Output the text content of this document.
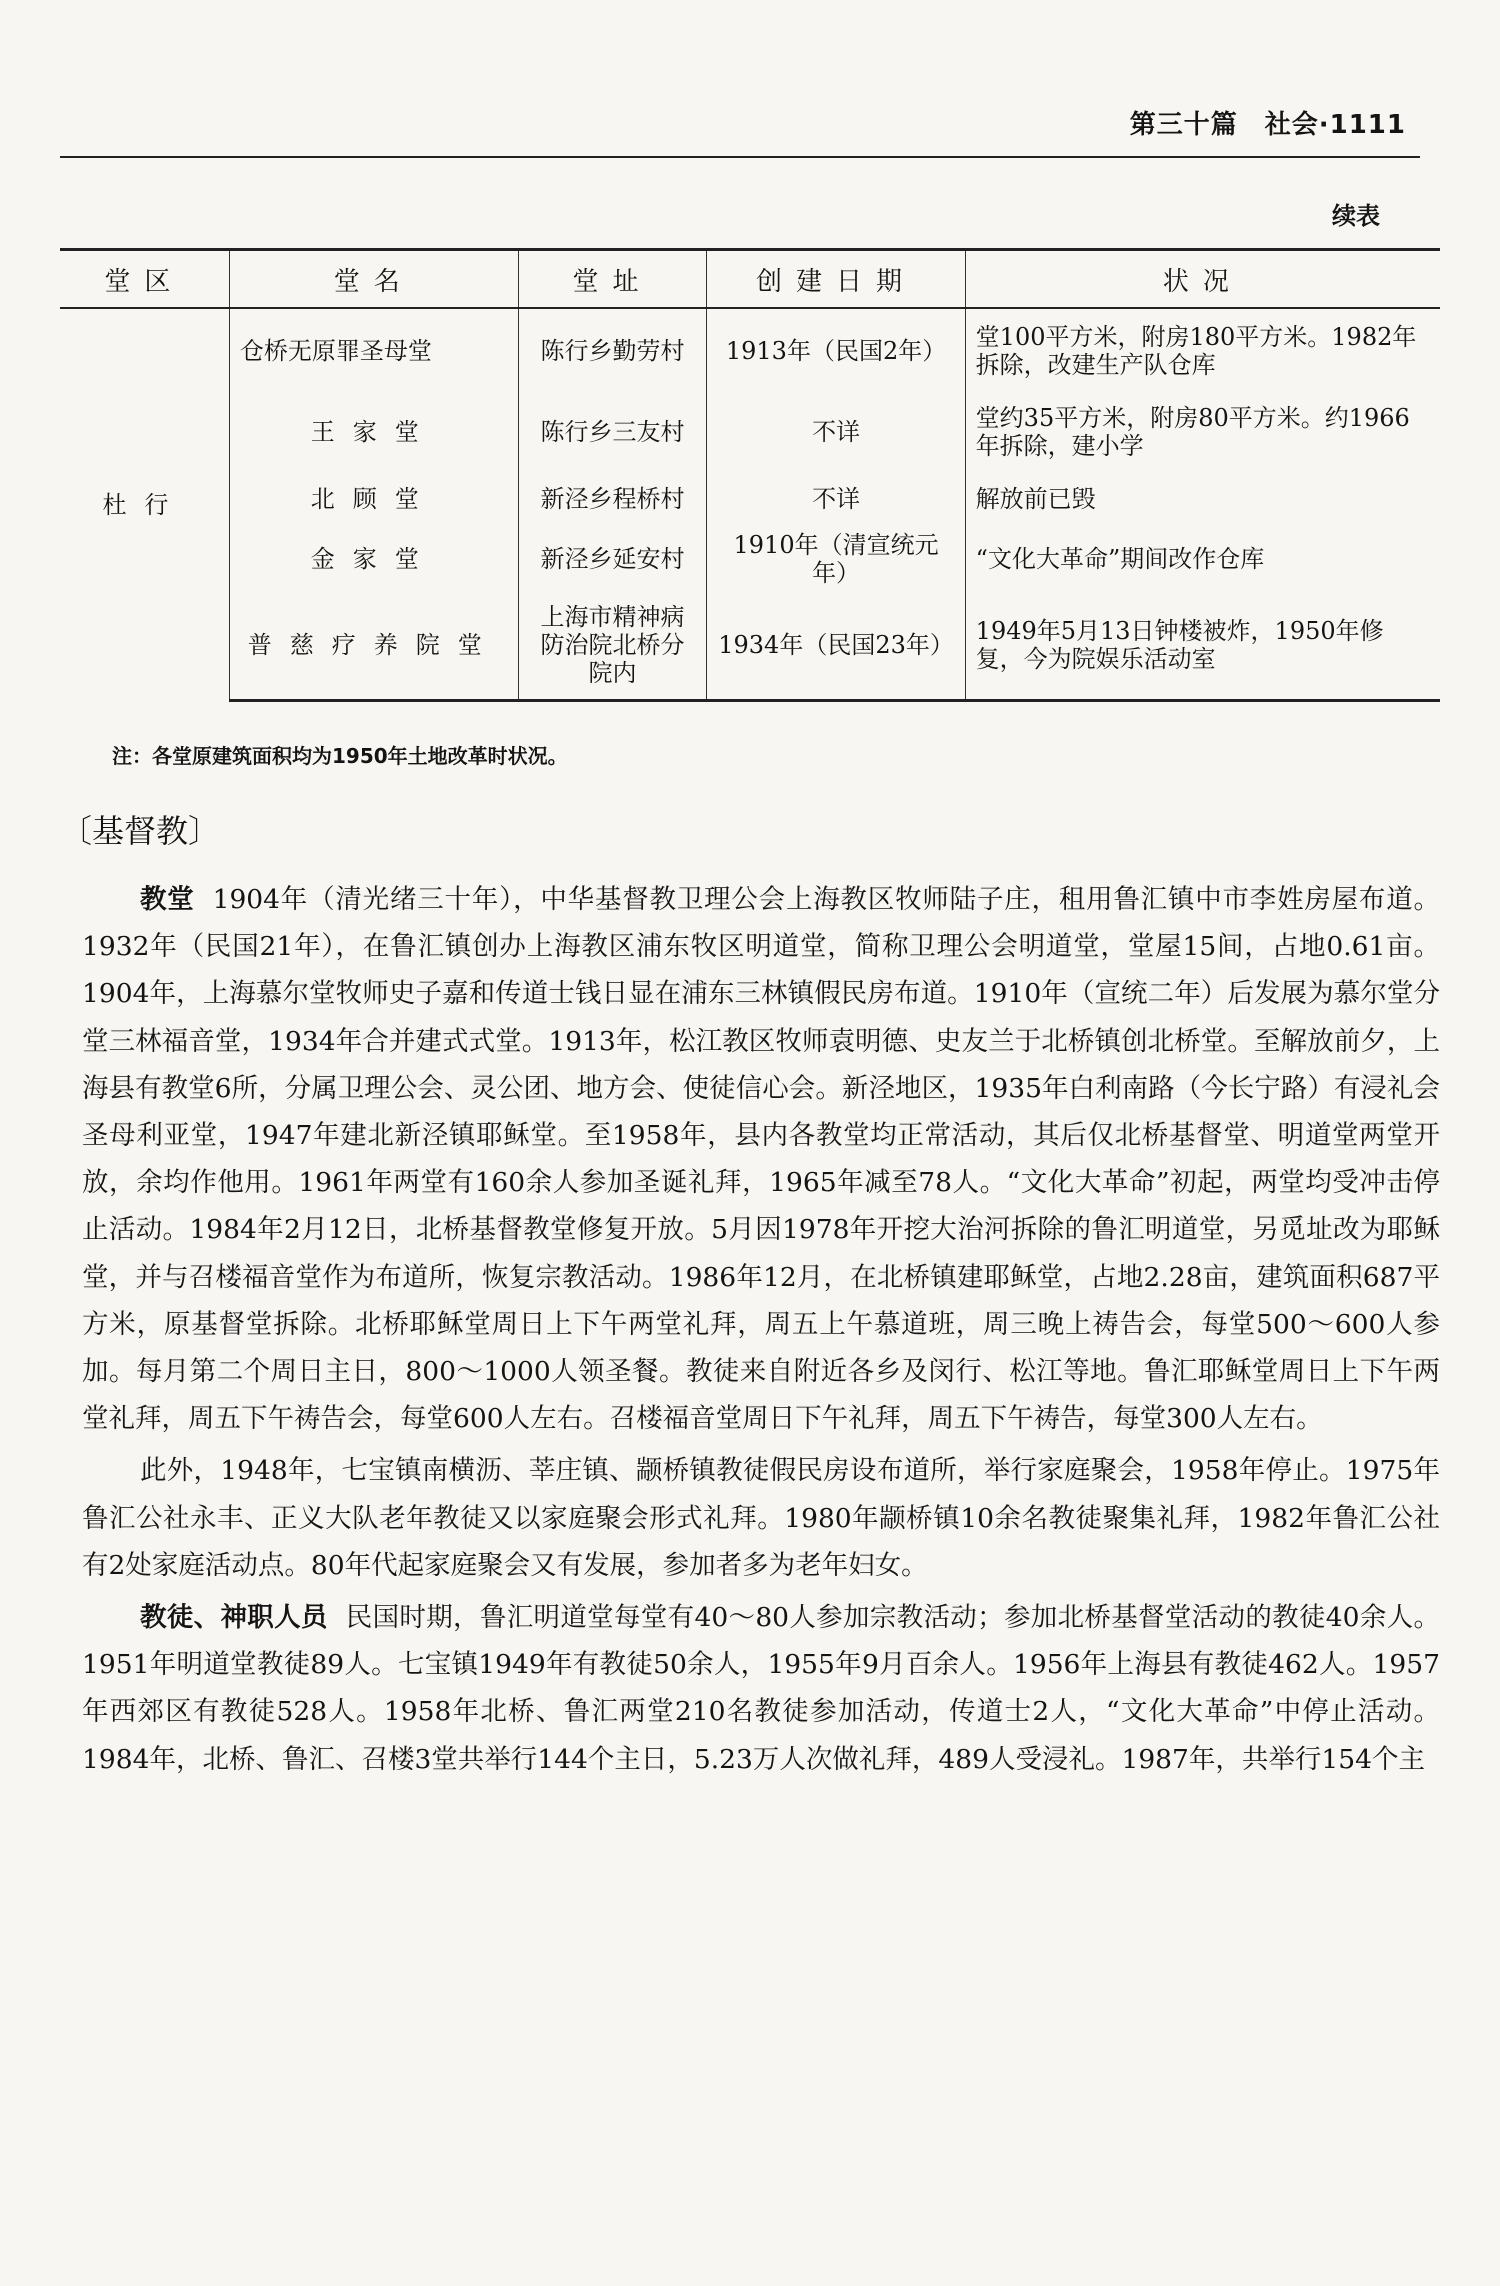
第三十篇　社会·1111
续表
堂区	堂名	堂址	创建日期	状况
杜行	仓桥无原罪圣母堂	陈行乡勤劳村	1913年（民国2年）	堂100平方米，附房180平方米。1982年拆除，改建生产队仓库
	王家堂	陈行乡三友村	不详	堂约35平方米，附房80平方米。约1966年拆除，建小学
	北顾堂	新泾乡程桥村	不详	解放前已毁
	金家堂	新泾乡延安村	1910年（清宣统元年）	“文化大革命”期间改作仓库
	普慈疗养院堂	上海市精神病防治院北桥分院内	1934年（民国23年）	1949年5月13日钟楼被炸，1950年修复，今为院娱乐活动室
注：各堂原建筑面积均为1950年土地改革时状况。
〔基督教〕

教堂 1904年（清光绪三十年），中华基督教卫理公会上海教区牧师陆子庄，租用鲁汇镇中市李姓房屋布道。1932年（民国21年），在鲁汇镇创办上海教区浦东牧区明道堂，简称卫理公会明道堂，堂屋15间，占地0.61亩。1904年，上海慕尔堂牧师史子嘉和传道士钱日显在浦东三林镇假民房布道。1910年（宣统二年）后发展为慕尔堂分堂三林福音堂，1934年合并建式式堂。1913年，松江教区牧师袁明德、史友兰于北桥镇创北桥堂。至解放前夕，上海县有教堂6所，分属卫理公会、灵公团、地方会、使徒信心会。新泾地区，1935年白利南路（今长宁路）有浸礼会圣母利亚堂，1947年建北新泾镇耶稣堂。至1958年，县内各教堂均正常活动，其后仅北桥基督堂、明道堂两堂开放，余均作他用。1961年两堂有160余人参加圣诞礼拜，1965年减至78人。“文化大革命”初起，两堂均受冲击停止活动。1984年2月12日，北桥基督教堂修复开放。5月因1978年开挖大治河拆除的鲁汇明道堂，另觅址改为耶稣堂，并与召楼福音堂作为布道所，恢复宗教活动。1986年12月，在北桥镇建耶稣堂，占地2.28亩，建筑面积687平方米，原基督堂拆除。北桥耶稣堂周日上下午两堂礼拜，周五上午慕道班，周三晚上祷告会，每堂500～600人参加。每月第二个周日主日，800～1000人领圣餐。教徒来自附近各乡及闵行、松江等地。鲁汇耶稣堂周日上下午两堂礼拜，周五下午祷告会，每堂600人左右。召楼福音堂周日下午礼拜，周五下午祷告，每堂300人左右。

此外，1948年，七宝镇南横沥、莘庄镇、颛桥镇教徒假民房设布道所，举行家庭聚会，1958年停止。1975年鲁汇公社永丰、正义大队老年教徒又以家庭聚会形式礼拜。1980年颛桥镇10余名教徒聚集礼拜，1982年鲁汇公社有2处家庭活动点。80年代起家庭聚会又有发展，参加者多为老年妇女。

教徒、神职人员 民国时期，鲁汇明道堂每堂有40～80人参加宗教活动；参加北桥基督堂活动的教徒40余人。1951年明道堂教徒89人。七宝镇1949年有教徒50余人，1955年9月百余人。1956年上海县有教徒462人。1957年西郊区有教徒528人。1958年北桥、鲁汇两堂210名教徒参加活动，传道士2人，“文化大革命”中停止活动。1984年，北桥、鲁汇、召楼3堂共举行144个主日，5.23万人次做礼拜，489人受浸礼。1987年，共举行154个主
